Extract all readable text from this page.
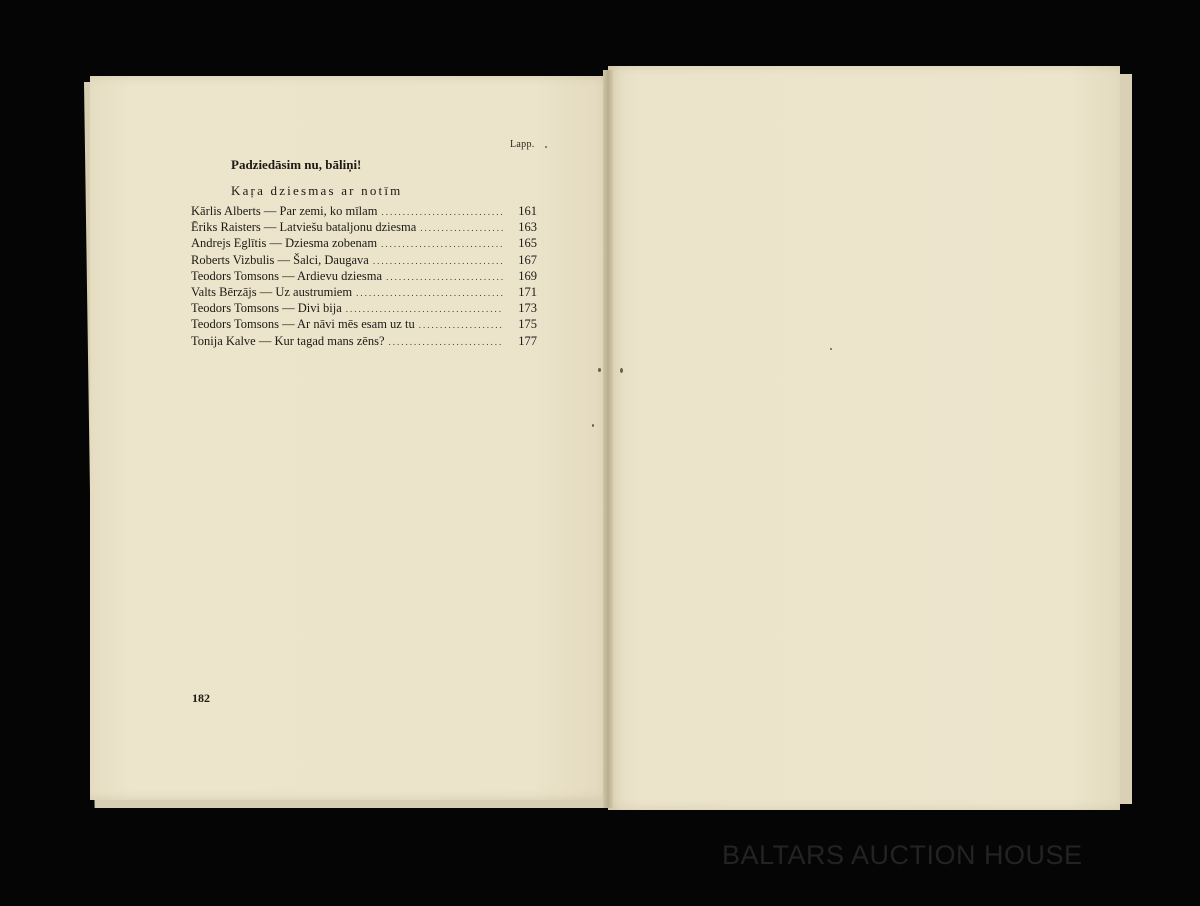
Lapp.
Padziedāsim nu, bāliņi!
Kaŗa dziesmas ar notīm
Kārlis Alberts — Par zemi, ko mīlam .....	161
Ēriks Raisters — Latviešu bataljonu dziesma .....	163
Andrejs Eglītis — Dziesma zobenam .....	165
Roberts Vizbulis — Šalci, Daugava .....	167
Teodors Tomsons — Ardievu dziesma .....	169
Valts Bērzājs — Uz austrumiem .....	171
Teodors Tomsons — Divi bija .....	173
Teodors Tomsons — Ar nāvi mēs esam uz tu .....	175
Tonija Kalve — Kur tagad mans zēns? .....	177
182
BALTARS AUCTION HOUSE
